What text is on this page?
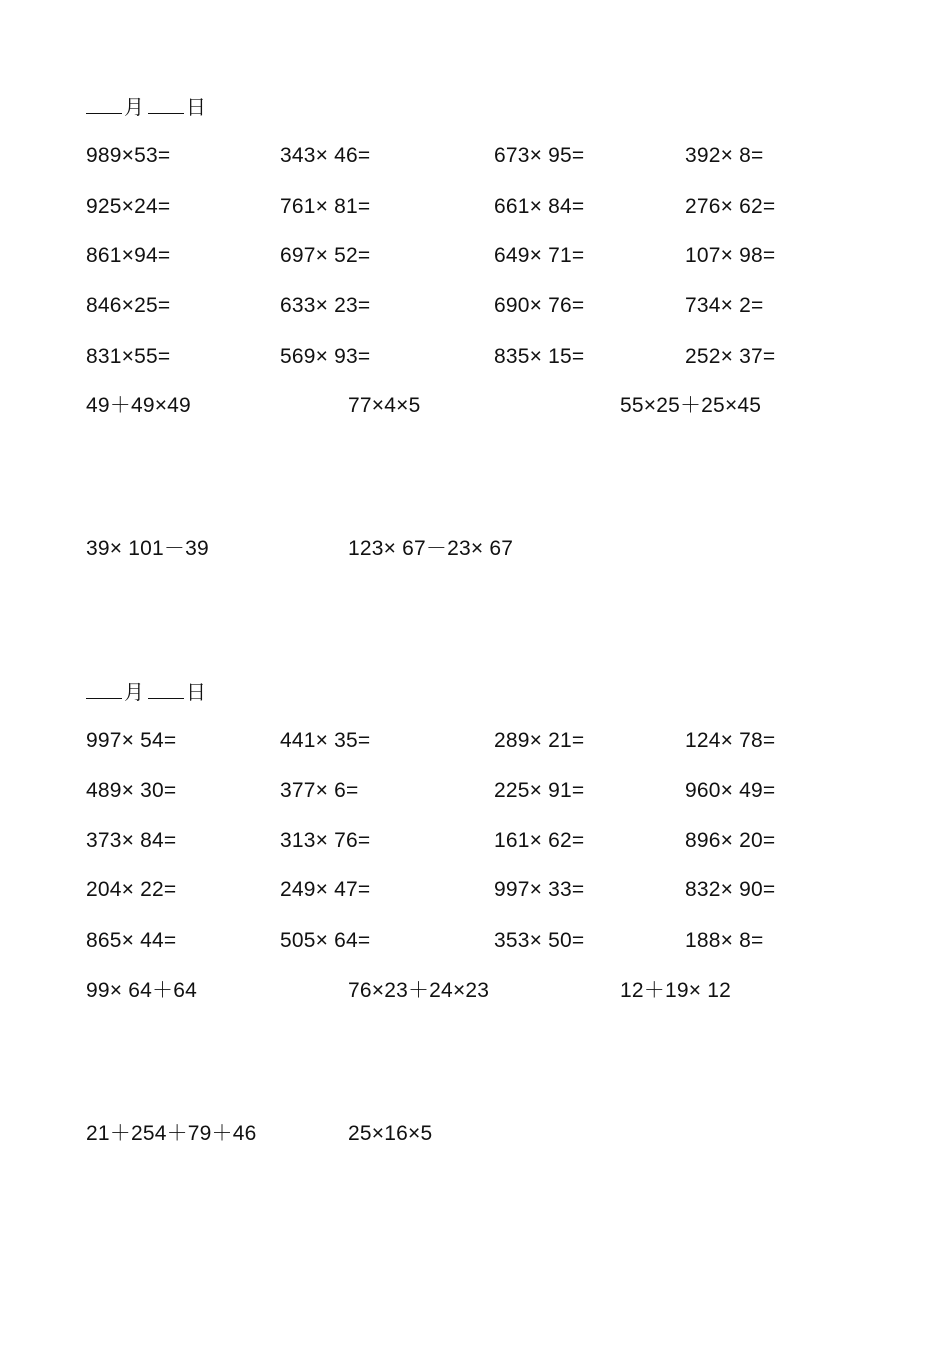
月 日
989×53=	343× 46=	673× 95=	392× 8=
925×24=	761× 81=	661× 84=	276× 62=
861×94=	697× 52=	649× 71=	107× 98=
846×25=	633× 23=	690× 76=	734× 2=
831×55=	569× 93=	835× 15=	252× 37=
49＋49×49	77×4×5	55×25＋25×45
39× 101－39	123× 67－23× 67
月 日
997× 54=	441× 35=	289× 21=	124× 78=
489× 30=	377× 6=	225× 91=	960× 49=
373× 84=	313× 76=	161× 62=	896× 20=
204× 22=	249× 47=	997× 33=	832× 90=
865× 44=	505× 64=	353× 50=	188× 8=
99× 64＋64	76×23＋24×23	12＋19× 12
21＋254＋79＋46	25×16×5
